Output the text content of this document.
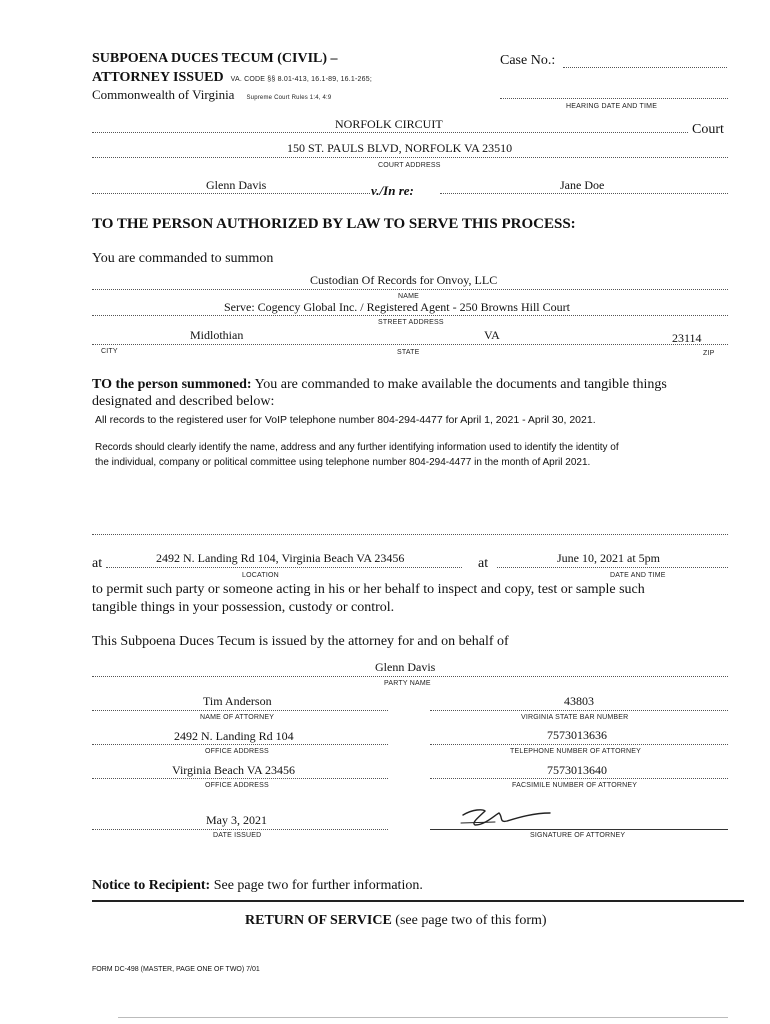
SUBPOENA DUCES TECUM (CIVIL) –
ATTORNEY ISSUED VA. CODE §§ 8.01-413, 16.1-89, 16.1-265;
Commonwealth of Virginia Supreme Court Rules 1:4, 4:9
Case No.:
HEARING DATE AND TIME
NORFOLK CIRCUIT	Court
150 ST. PAULS BLVD, NORFOLK VA 23510
COURT ADDRESS
Glenn Davis	v./In re:	Jane Doe
TO THE PERSON AUTHORIZED BY LAW TO SERVE THIS PROCESS:
You are commanded to summon
Custodian Of Records for Onvoy, LLC
NAME
Serve: Cogency Global Inc. / Registered Agent - 250 Browns Hill Court
STREET ADDRESS
Midlothian
CITY
VA
STATE
23114
ZIP
TO the person summoned: You are commanded to make available the documents and tangible things
designated and described below:
All records to the registered user for VoIP telephone number 804-294-4477 for April 1, 2021 - April 30, 2021.
Records should clearly identify the name, address and any further identifying information used to identify the identity of
the individual, company or political committee using telephone number 804-294-4477 in the month of April 2021.
at	2492 N. Landing Rd 104, Virginia Beach VA 23456
LOCATION
at	June 10, 2021 at 5pm
DATE AND TIME
to permit such party or someone acting in his or her behalf to inspect and copy, test or sample such
tangible things in your possession, custody or control.
This Subpoena Duces Tecum is issued by the attorney for and on behalf of
Glenn Davis
PARTY NAME
Tim Anderson
NAME OF ATTORNEY
43803
VIRGINIA STATE BAR NUMBER
2492 N. Landing Rd 104
OFFICE ADDRESS
7573013636
TELEPHONE NUMBER OF ATTORNEY
Virginia Beach VA 23456
OFFICE ADDRESS
7573013640
FACSIMILE NUMBER OF ATTORNEY
May 3, 2021
DATE ISSUED	SIGNATURE OF ATTORNEY
Notice to Recipient: See page two for further information.
RETURN OF SERVICE (see page two of this form)
FORM DC-498 (MASTER, PAGE ONE OF TWO) 7/01
